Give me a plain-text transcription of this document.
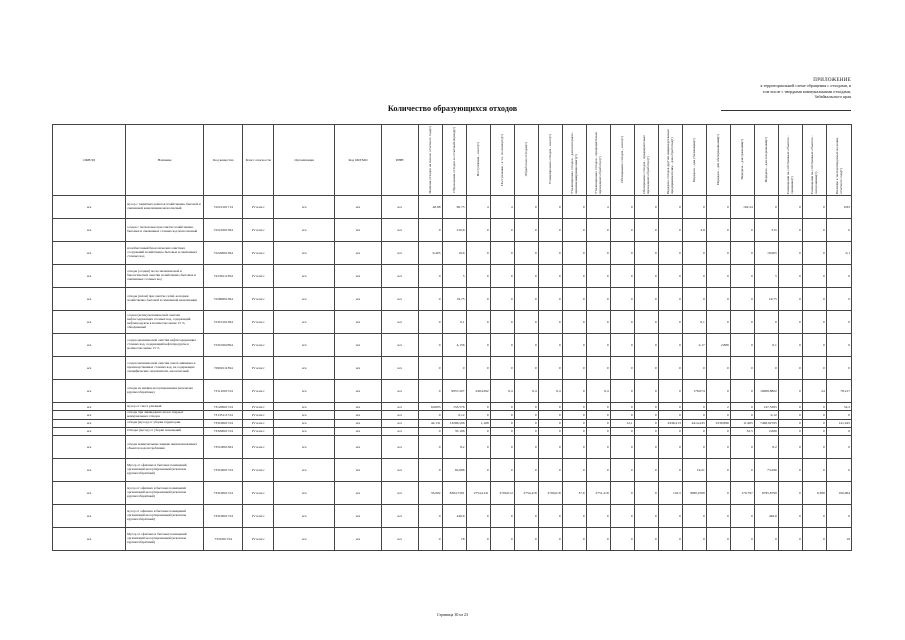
ПРИЛОЖЕНИЕ
к территориальной схеме обращения с отходами, в
том числе с твердыми коммунальными отходами,
Забайкальского края
Количество образующихся отходов
ОКВЭД	Название	Код вещества	Класс опасности	Организация	Код ОКТМО	ИНН	Наличие отходов на начало отчетного года(т)	Образование отходов за отчетный период(т)	Поступление - всего(т)	Поступление - в т.ч. по импорту(т)	Обработано отходов(т)	Утилизировано отходов - всего(т)	Утилизировано отходов - для повторного применения(рециклинг)(т)	Утилизировано отходов - предварительно прошедших обработку(т)	Обезврежено отходов - всего(т)	Обезврежено отходов - предварительно прошедших обработку(т)	Передача отходов другим индивидуальным предпринимателям - для обработки(т)	Передача - для утилизации(т)	Передача - для обезвреживания(т)	Передача - для хранения(т)	Передача - для захоронения(т)	Размещение на собственных объектах - хранение(т)	Размещение на собственных объектах - захоронение(т)	Наличие в эксплуатируемых на конец отчетного года(т)
н/а	мусор с защитных решеток хозяйственно-бытовой и смешанной канализации малоопасный	72210101714	IV класс	н/а	н/а	н/а	48,88	90,75	4	4	0	0	0	4	0	0	0	0	0	102,24	0	0	0	0,85
н/а	осадок с песколовок при очистке хозяйственно-бытовых и смешанных сточных вод малоопасный	72210201394	IV класс	н/а	н/а	н/а	0	210,8	0	0	0	0	0	0	0	0	0	3,8	0	0	315	0	0	0
н/а	ил избыточный биологических очистных сооружений хозяйственно-бытовых и смешанных сточных вод	72220001394	IV класс	н/а	н/а	н/а	0,405	19,6	0	0	0	0	0	0	0	0	0	0	0	0	19,905	0	0	0,1
н/а	отходы (осадки) после механической и биологической очистки хозяйственно-бытовых и смешанных сточных вод	72239111394	IV класс	н/а	н/а	н/а	0	5	0	0	0	0	0	0	0	0	0	0	0	0	5	0	0	0
н/а	отходы (шлам) при очистке сетей, колодцев хозяйственно-бытовой и смешанной канализации	72280001394	IV класс	н/а	н/а	н/а	0	19,75	0	0	0	0	0	0	0	0	0	0	0	0	19,75	0	0	0
н/а	осадок (шлам) механической очистки нефтесодержащих сточных вод, содержащий нефтепродукты в количестве менее 15 %, обводненный	72310101394	IV класс	н/а	н/а	н/а	0	0,1	0	0	0	0	0	0	0	0	0	0,1	0	0	0	0	0	0
н/а	осадок механической очистки нефтесодержащих сточных вод, содержащий нефтепродукты в количестве менее 15 %	72310202394	IV класс	н/а	н/а	н/а	0	4,156	0	0	0	0	0	0	0	0	0	2,17	2,886	0	0,1	0	0	0
н/а	осадок механической очистки смеси ливневых и производственных сточных вод, не содержащих специфические загрязнители, малоопасный	72901011394	IV класс	н/а	н/а	н/а	0	0	0	0	0	0	0	0	0	0	0	0	0	0	0	0	0	0
н/а	отходы из жилищ несортированные (исключая крупногабаритные)	73111001724	IV класс	н/а	н/а	н/а	0	9957,207	248,2292	0,4	0,4	0,4	0	0,4	0	0	0	178,074	0	0	10008,8802	0	24	78,217
н/а	мусор от сноса уличный	73120001724	IV класс	н/а	н/а	н/а	0,0005	153,576	0	0	0	0	0	0	0	0	0	0	2	0	147,5565	0	0	52,2
н/а	отходы при ликвидации свалок твердых коммунальных отходов	73135111724	IV класс	н/а	н/а	н/а	0	0,12	0	0	0	0	0	0	0	0	0	0	0	0	0,12	0	0	0
н/а	отходы (мусор) от уборки территории	73310001724	IV класс	н/а	н/а	н/а	42,131	13296,506	1,168	0	0	0	0	0	12,1	0	4346,213	4414,245	2530,896	11,965	7498,02795	0	0	141,245
н/а	Отходы (мусор) от уборки помещений	73320001724	IV класс	н/а	н/а	н/а	0	35,106	0	0	0	0	0	0	0	0	0	0	0	32,5	2,606	0	0	0
н/а	отходы коммунальные жидкие неканализованных объектов водопотребления	73510001304	IV класс	н/а	н/а	н/а	0	8,2	0	0	0	0	0	0	0	0	0	0	0	0	8,2	0	0	0
н/а	Мусор от офисных и бытовых помещений организаций несортированный (исключая крупногабаритный)	73310001724	IV класс	н/а	н/а	н/а	0	92,686	0	0	0	0	0	0	0	0	0	19,21	0	0	73,296	0	0	0
н/а	мусор от офисных и бытовых помещений организаций несортированный (исключая крупногабаритный)	73310001724	IV класс	н/а	н/а	н/а	33,002	8304,7581	2754,2141	2709,014	2754,418	2709,018	37,6	2751,418	0	0	118,3	3080,2589	0	170,797	8795,8799	0	9,388	100,064
н/а	мусор от офисных и бытовых помещений организаций несортированный (исключая крупногабаритный)	73310001724	IV класс	н/а	н/а	н/а	0	446,6	0	0	0	0	0	0	0	0	0	0	0	0	446,6	0	0	0
н/а	Мусор от офисных и бытовых помещений организаций несортированный (исключая крупногабаритный)	7331001724	IV класс	н/а	н/а	н/а	0	18	0	0	0	0	0	0	0	0	0	0	0	0	0	0	0	18
Страница 30 из 23
